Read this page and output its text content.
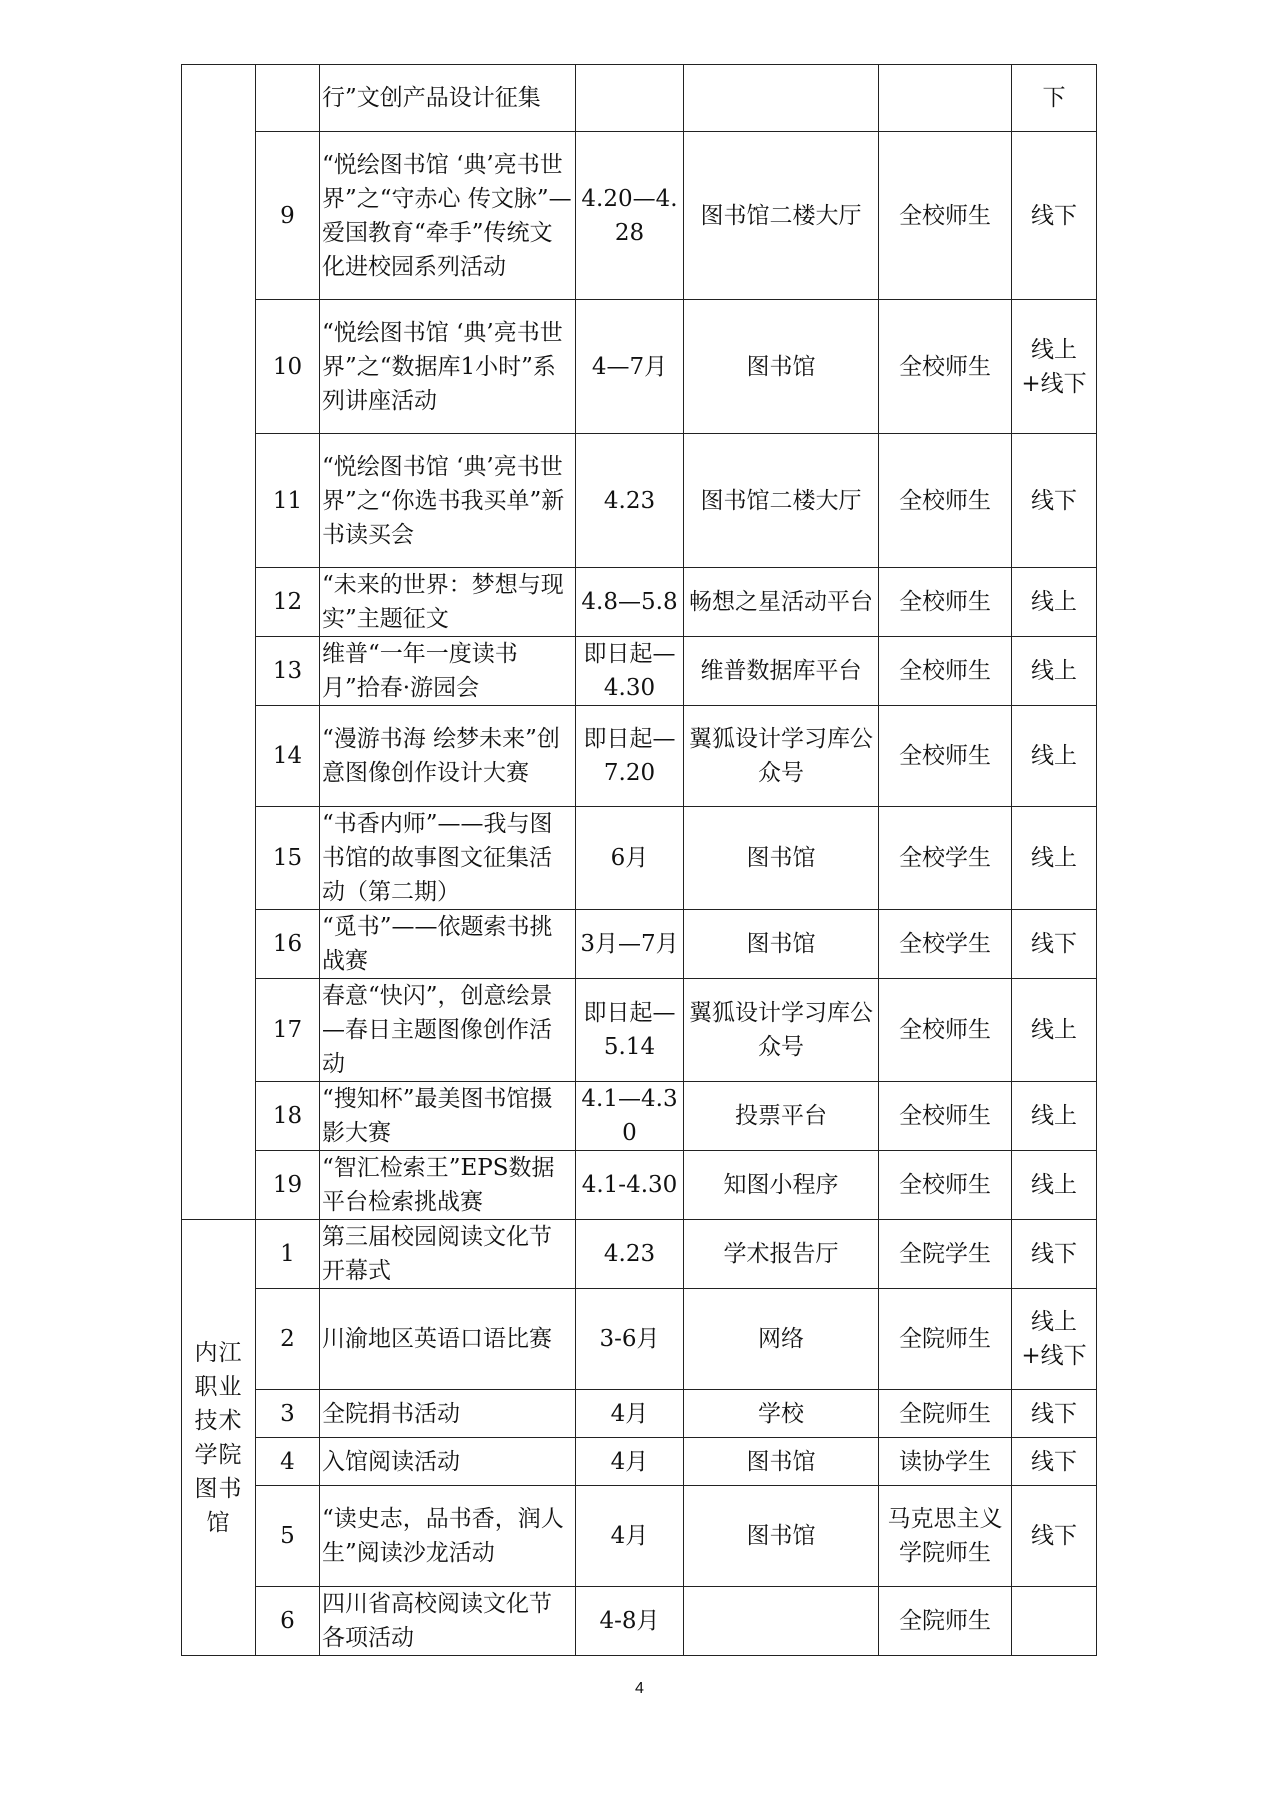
		行”文创产品设计征集				下
	9	“悦绘图书馆 ‘典’亮书世界”之“守赤心 传文脉”—爱国教育“牵手”传统文化进校园系列活动	4.20—4.28	图书馆二楼大厅	全校师生	线下
	10	“悦绘图书馆 ‘典’亮书世界”之“数据库1小时”系列讲座活动	4—7月	图书馆	全校师生	线上+线下
	11	“悦绘图书馆 ‘典’亮书世界”之“你选书我买单”新书读买会	4.23	图书馆二楼大厅	全校师生	线下
	12	“未来的世界：梦想与现实”主题征文	4.8—5.8	畅想之星活动平台	全校师生	线上
	13	维普“一年一度读书月”拾春·游园会	即日起—4.30	维普数据库平台	全校师生	线上
	14	“漫游书海 绘梦未来”创意图像创作设计大赛	即日起—7.20	翼狐设计学习库公众号	全校师生	线上
	15	“书香内师”——我与图书馆的故事图文征集活动（第二期）	6月	图书馆	全校学生	线上
	16	“觅书”——依题索书挑战赛	3月—7月	图书馆	全校学生	线下
	17	春意“快闪”，创意绘景—春日主题图像创作活动	即日起—5.14	翼狐设计学习库公众号	全校师生	线上
	18	“搜知杯”最美图书馆摄影大赛	4.1—4.30	投票平台	全校师生	线上
	19	“智汇检索王”EPS数据平台检索挑战赛	4.1-4.30	知图小程序	全校师生	线上
内江职业技术学院图书馆	1	第三届校园阅读文化节开幕式	4.23	学术报告厅	全院学生	线下
	2	川渝地区英语口语比赛	3-6月	网络	全院师生	线上+线下
	3	全院捐书活动	4月	学校	全院师生	线下
	4	入馆阅读活动	4月	图书馆	读协学生	线下
	5	“读史志，品书香，润人生”阅读沙龙活动	4月	图书馆	马克思主义学院师生	线下
	6	四川省高校阅读文化节各项活动	4-8月		全院师生	
4
